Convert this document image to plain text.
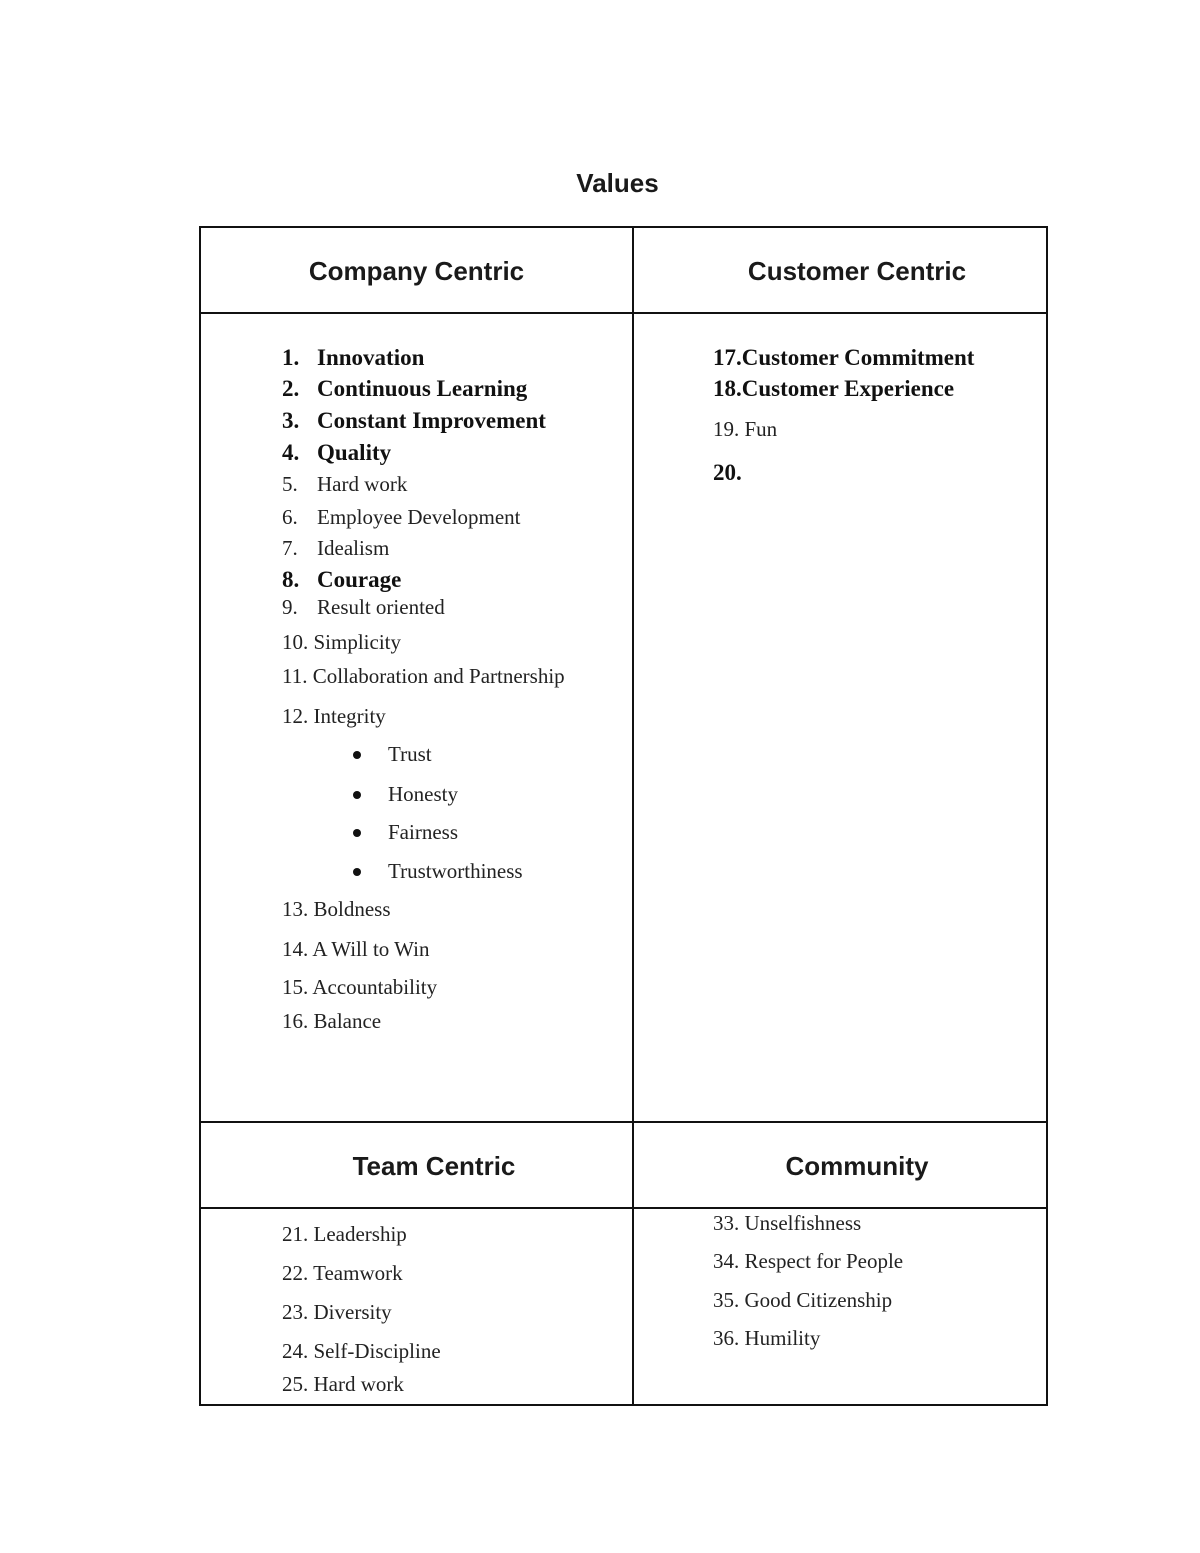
Values
Company Centric	Customer Centric
Team Centric	Community
1. Innovation
2. Continuous Learning
3. Constant Improvement
4. Quality
5. Hard work
6. Employee Development
7. Idealism
8. Courage
9. Result oriented
10. Simplicity
11. Collaboration and Partnership
12. Integrity
Trust
Honesty
Fairness
Trustworthiness
13. Boldness
14. A Will to Win
15. Accountability
16. Balance
17.Customer Commitment
18.Customer Experience
19. Fun
20.
21. Leadership
22. Teamwork
23. Diversity
24. Self-Discipline
25. Hard work
33. Unselfishness
34. Respect for People
35. Good Citizenship
36. Humility
